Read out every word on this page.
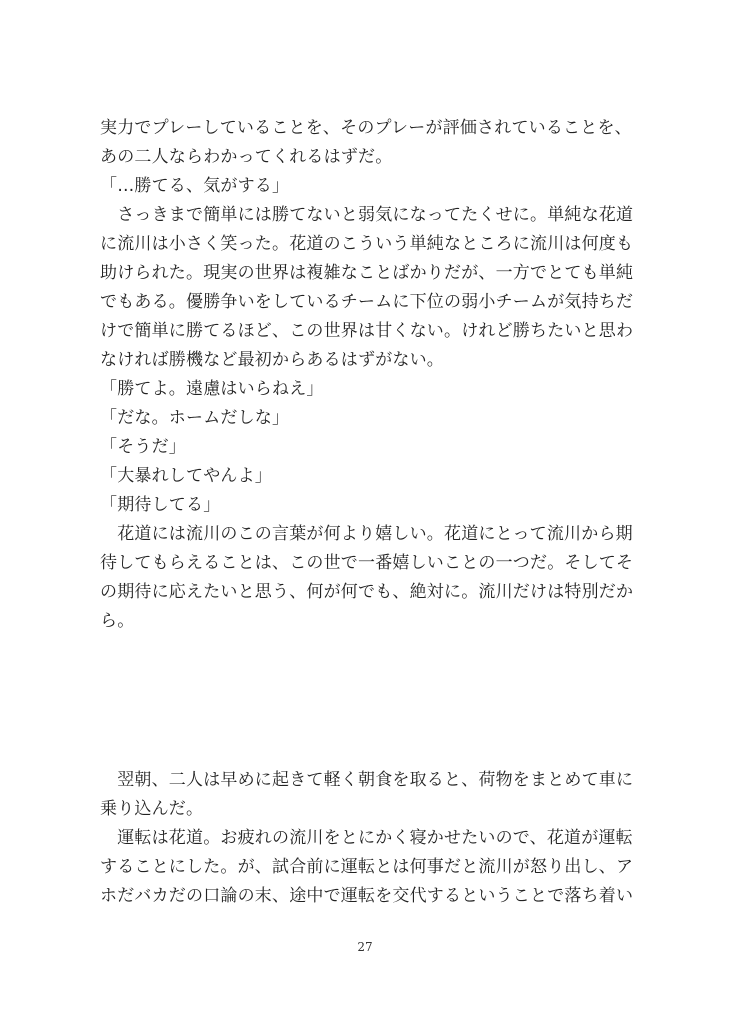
実力でプレーしていることを、そのプレーが評価されていることを、
あの二人ならわかってくれるはずだ。
「…勝てる、気がする」
　さっきまで簡単には勝てないと弱気になってたくせに。単純な花道
に流川は小さく笑った。花道のこういう単純なところに流川は何度も
助けられた。現実の世界は複雑なことばかりだが、一方でとても単純
でもある。優勝争いをしているチームに下位の弱小チームが気持ちだ
けで簡単に勝てるほど、この世界は甘くない。けれど勝ちたいと思わ
なければ勝機など最初からあるはずがない。
「勝てよ。遠慮はいらねえ」
「だな。ホームだしな」
「そうだ」
「大暴れしてやんよ」
「期待してる」
　花道には流川のこの言葉が何より嬉しい。花道にとって流川から期
待してもらえることは、この世で一番嬉しいことの一つだ。そしてそ
の期待に応えたいと思う、何が何でも、絶対に。流川だけは特別だか
ら。
　翌朝、二人は早めに起きて軽く朝食を取ると、荷物をまとめて車に
乗り込んだ。
　運転は花道。お疲れの流川をとにかく寝かせたいので、花道が運転
することにした。が、試合前に運転とは何事だと流川が怒り出し、ア
ホだバカだの口論の末、途中で運転を交代するということで落ち着い
27
